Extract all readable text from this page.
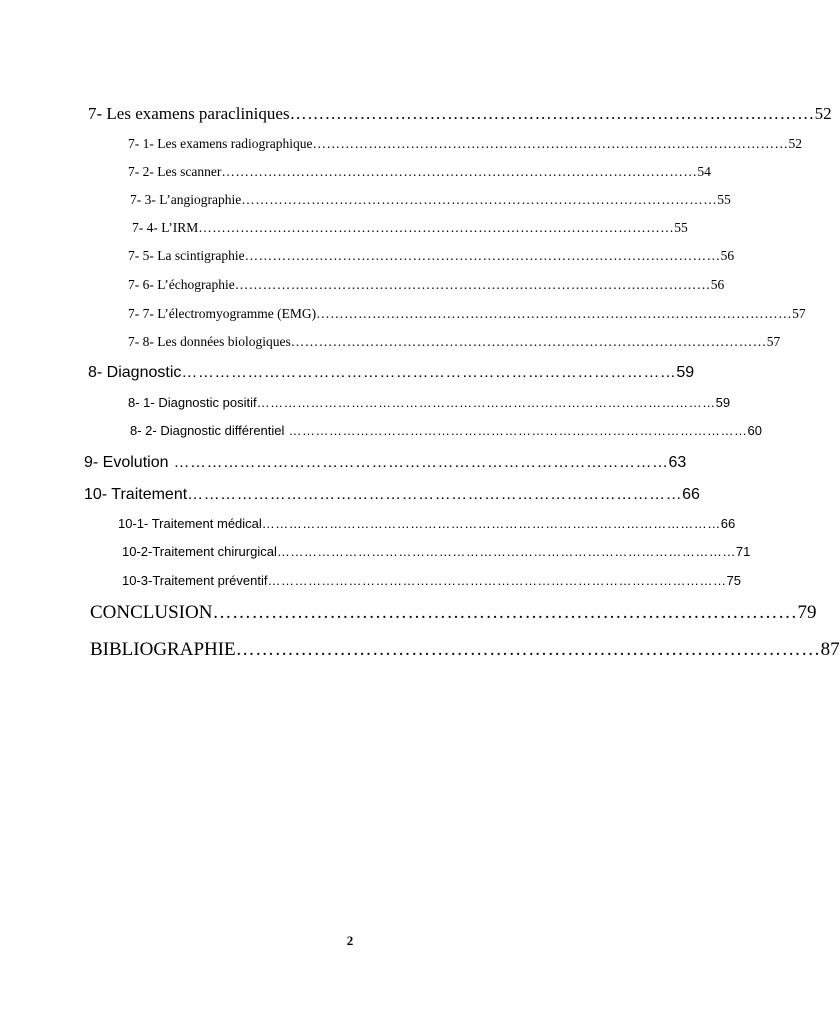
7- Les examens paracliniques ……………………………………………………………………………… 52
7- 1- Les examens radiographique ………………………………………………………………………………………… 52
7- 2- Les scanner ………………………………………………………………………………………… 54
7- 3- L’angiographie ………………………………………………………………………………………… 55
7- 4- L’IRM ………………………………………………………………………………………… 55
7- 5- La scintigraphie ………………………………………………………………………………………… 56
7- 6- L’échographie ………………………………………………………………………………………… 56
7- 7- L’électromyogramme (EMG) ………………………………………………………………………………………… 57
7- 8- Les données biologiques ………………………………………………………………………………………… 57
8- Diagnostic ……………………………………………………………………………… 59
8- 1- Diagnostic positif ………………………………………………………………………………………… 59
8- 2- Diagnostic différentiel ………………………………………………………………………………………… 60
9- Evolution ……………………………………………………………………………… 63
10- Traitement ……………………………………………………………………………… 66
10-1- Traitement médical ………………………………………………………………………………………… 66
10-2-Traitement chirurgical ………………………………………………………………………………………… 71
10-3-Traitement préventif ………………………………………………………………………………………… 75
CONCLUSION ……………………………………………………………………………… 79
BIBLIOGRAPHIE ……………………………………………………………………………… 87
2
